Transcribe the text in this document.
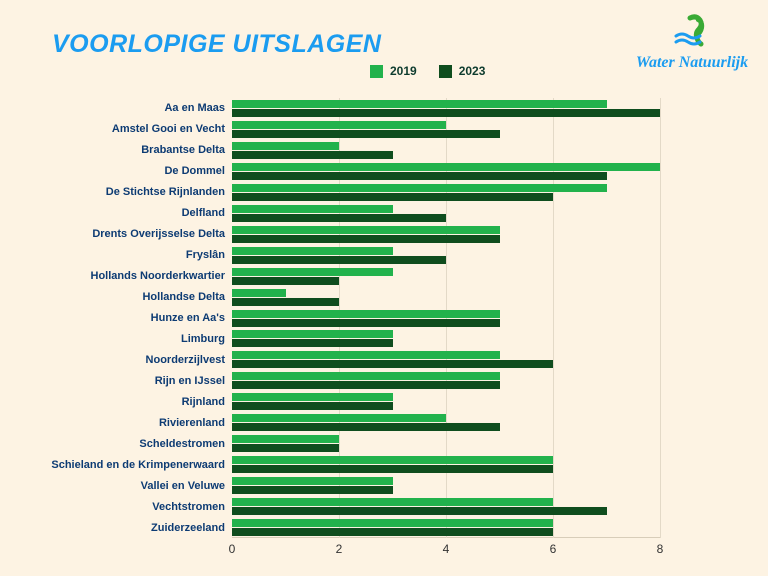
VOORLOPIGE UITSLAGEN
Water Natuurlijk
2019	2023
Aa en Maas
Amstel Gooi en Vecht
Brabantse Delta
De Dommel
De Stichtse Rijnlanden
Delfland
Drents Overijsselse Delta
Fryslân
Hollands Noorderkwartier
Hollandse Delta
Hunze en Aa's
Limburg
Noorderzijlvest
Rijn en IJssel
Rijnland
Rivierenland
Scheldestromen
Schieland en de Krimpenerwaard
Vallei en Veluwe
Vechtstromen
Zuiderzeeland
0	2	4	6	8
